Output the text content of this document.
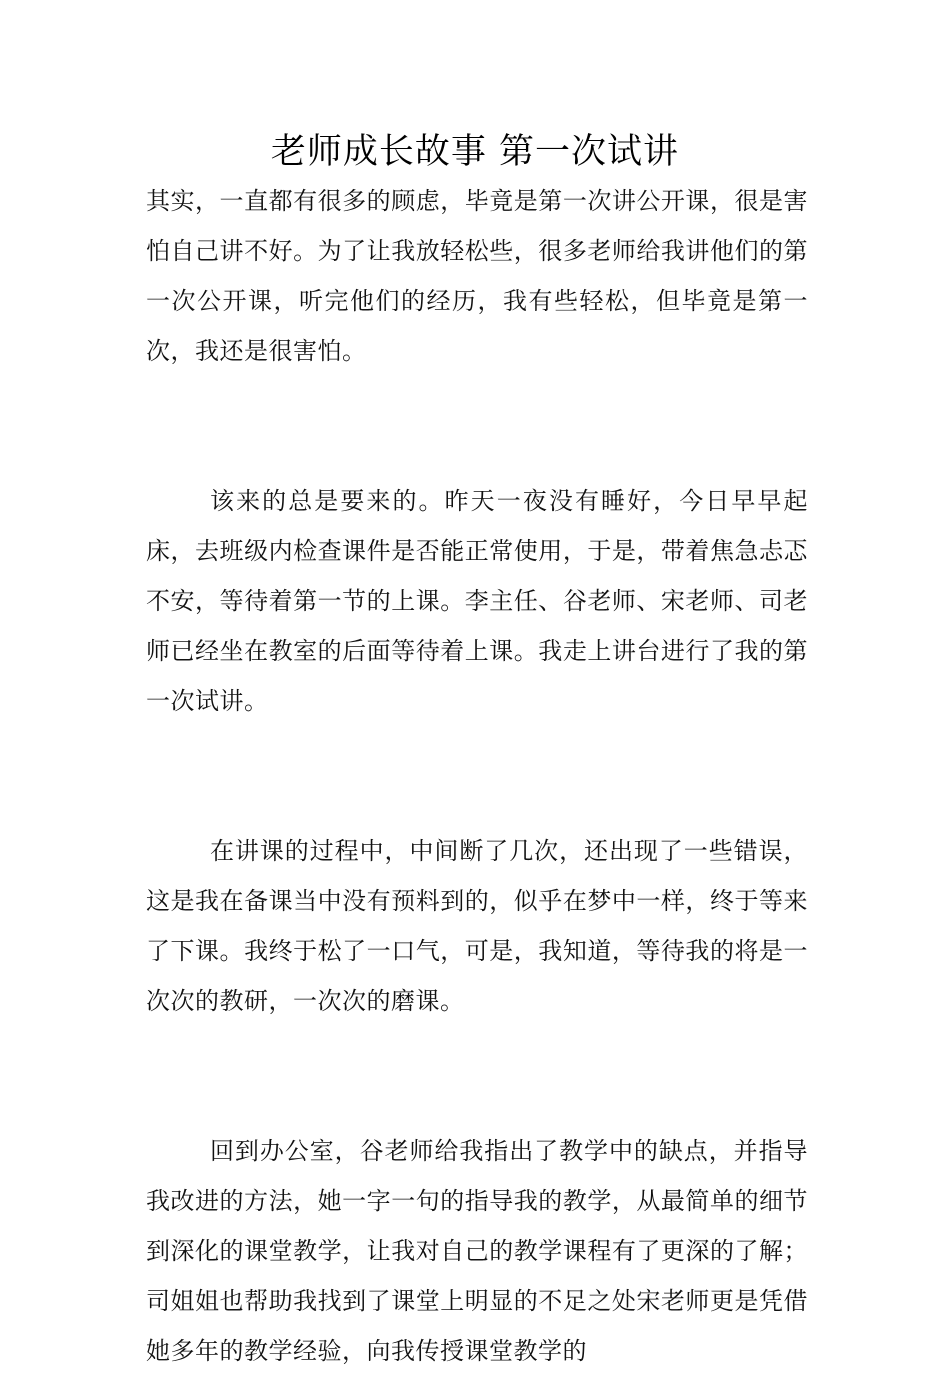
老师成长故事 第一次试讲

其实，一直都有很多的顾虑，毕竟是第一次讲公开课，很是害怕自己讲不好。为了让我放轻松些，很多老师给我讲他们的第一次公开课，听完他们的经历，我有些轻松，但毕竟是第一次，我还是很害怕。

该来的总是要来的。昨天一夜没有睡好，今日早早起床，去班级内检查课件是否能正常使用，于是，带着焦急忐忑不安，等待着第一节的上课。李主任、谷老师、宋老师、司老师已经坐在教室的后面等待着上课。我走上讲台进行了我的第一次试讲。

在讲课的过程中，中间断了几次，还出现了一些错误，这是我在备课当中没有预料到的，似乎在梦中一样，终于等来了下课。我终于松了一口气，可是，我知道，等待我的将是一次次的教研，一次次的磨课。

回到办公室，谷老师给我指出了教学中的缺点，并指导我改进的方法，她一字一句的指导我的教学，从最简单的细节到深化的课堂教学，让我对自己的教学课程有了更深的了解；司姐姐也帮助我找到了课堂上明显的不足之处宋老师更是凭借她多年的教学经验，向我传授课堂教学的
